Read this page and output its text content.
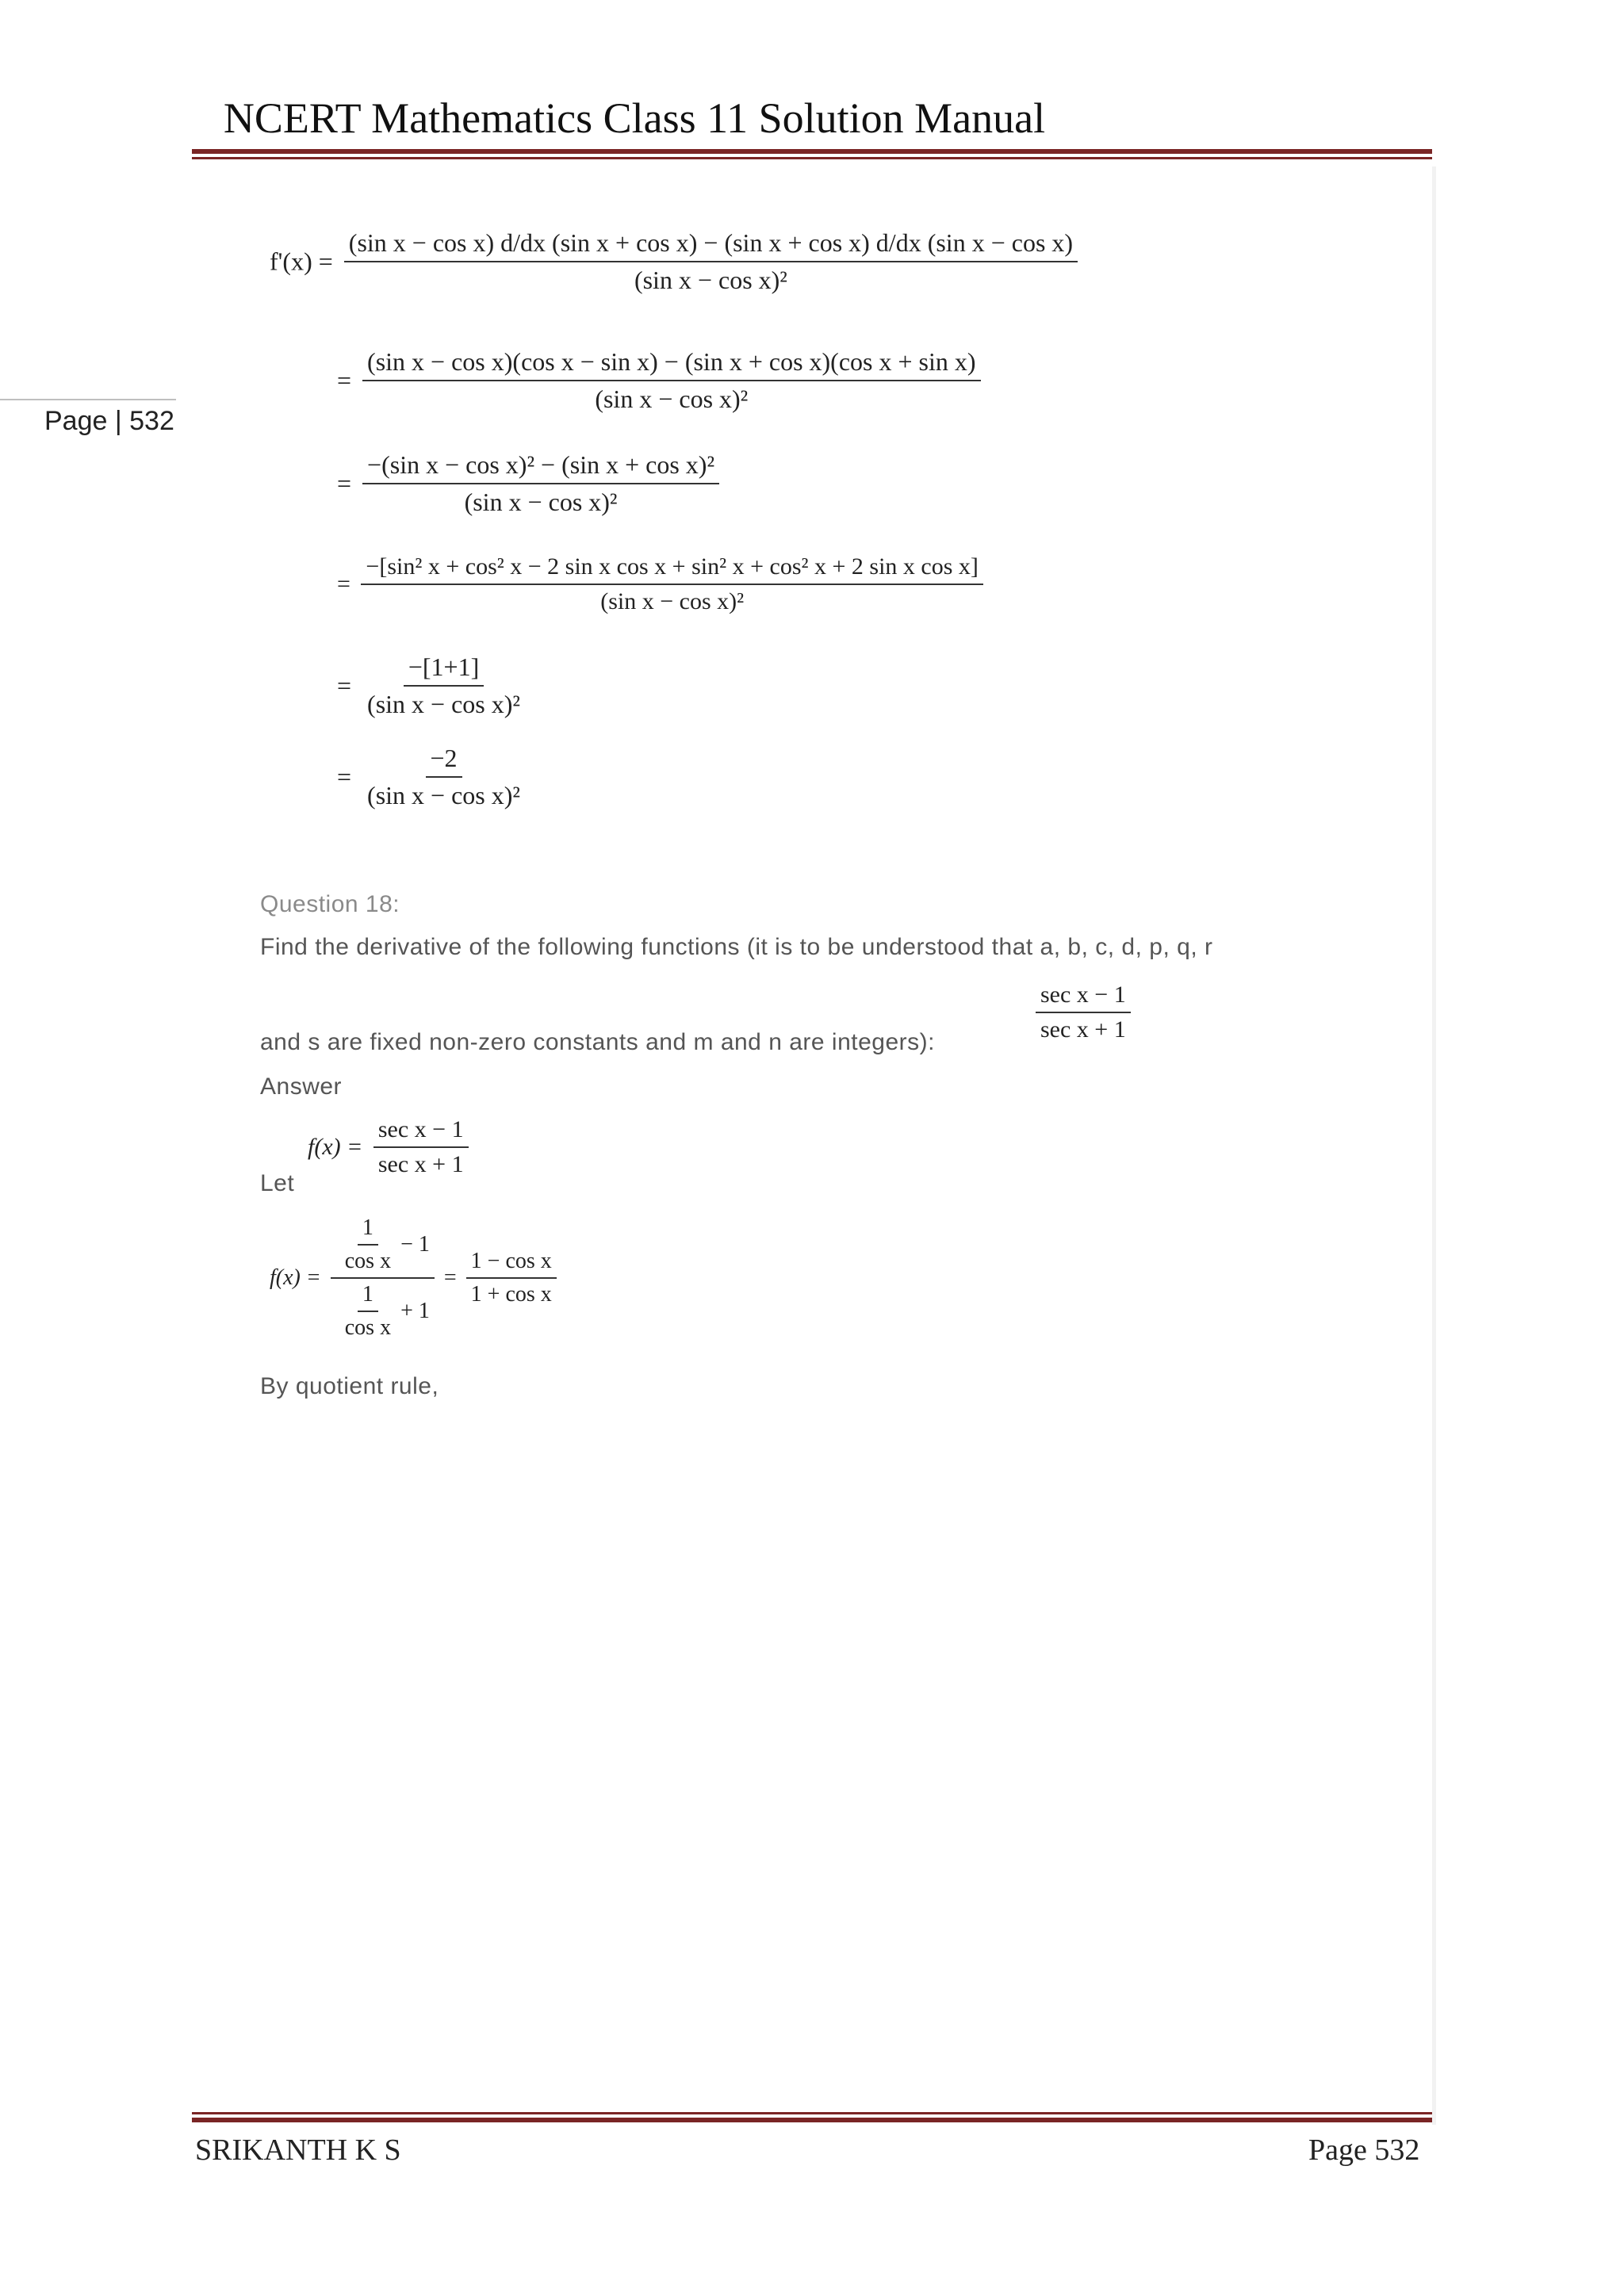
NCERT Mathematics Class 11 Solution Manual
Page | 532
f'(x) =
(sin x − cos x) d/dx (sin x + cos x) − (sin x + cos x) d/dx (sin x − cos x)
(sin x − cos x)²
=
(sin x − cos x)(cos x − sin x) − (sin x + cos x)(cos x + sin x)
(sin x − cos x)²
= $\frac{\text{−(sin x − cos x)² − (sin x + cos x)²}}{\text{(sin x − cos x)²}}$
=
−[sin² x + cos² x − 2 sin x cos x + sin² x + cos² x + 2 sin x cos x]
(sin x − cos x)²
= $\frac{-[1+1]}{\text{(sin x − cos x)²}}$
= $\frac{-2}{\text{(sin x − cos x)²}}$
Question 18:
Find the derivative of the following functions (it is to be understood that a, b, c, d, p, q, r
and s are fixed non-zero constants and m and n are integers):	$\frac{\text{sec x − 1}}{\text{sec x + 1}}$
Answer
Let
$f(x) = \frac{\text{sec x − 1}}{\text{sec x + 1}}$
$f(x) = \frac{\frac{1}{\text{cos x}} - 1}{\frac{1}{\text{cos x}} + 1} = \frac{\text{1 − cos x}}{\text{1 + cos x}}$
By quotient rule,
SRIKANTH K S	Page 532
